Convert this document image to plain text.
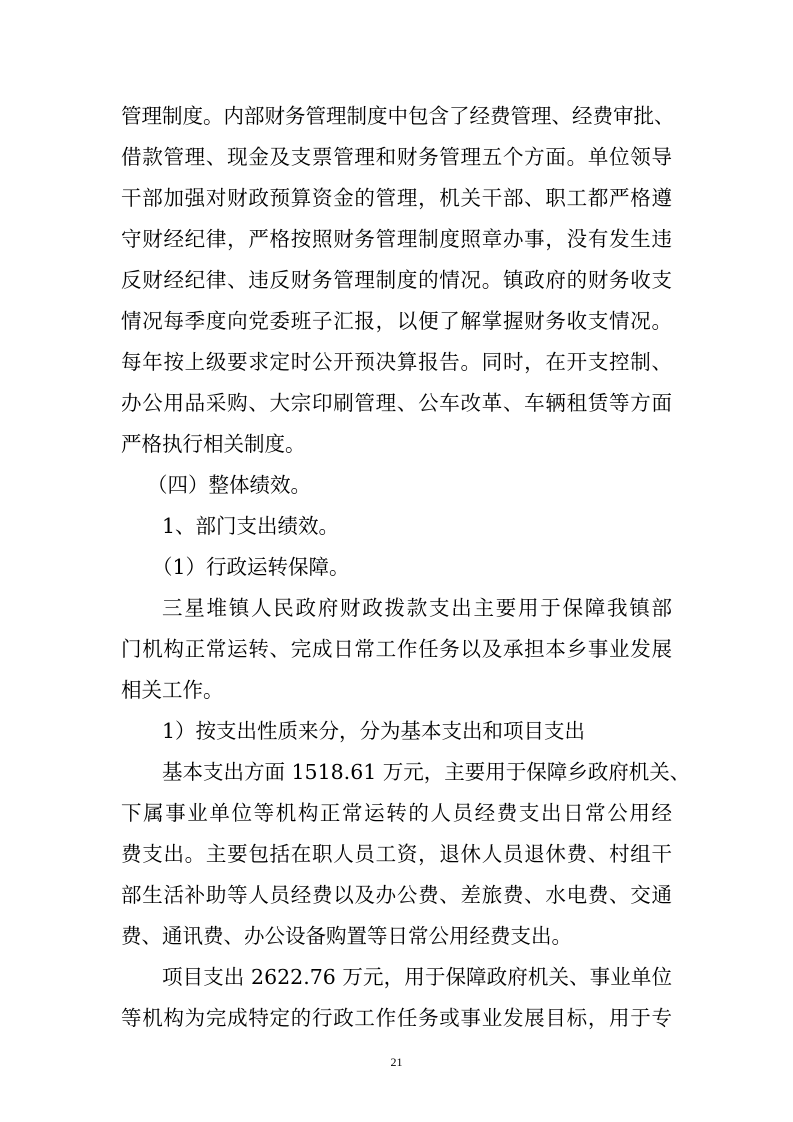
管理制度。内部财务管理制度中包含了经费管理、经费审批、
借款管理、现金及支票管理和财务管理五个方面。单位领导
干部加强对财政预算资金的管理，机关干部、职工都严格遵
守财经纪律，严格按照财务管理制度照章办事，没有发生违
反财经纪律、违反财务管理制度的情况。镇政府的财务收支
情况每季度向党委班子汇报，以便了解掌握财务收支情况。
每年按上级要求定时公开预决算报告。同时，在开支控制、
办公用品采购、大宗印刷管理、公车改革、车辆租赁等方面
严格执行相关制度。
（四）整体绩效。
1、部门支出绩效。
（1）行政运转保障。
三星堆镇人民政府财政拨款支出主要用于保障我镇部
门机构正常运转、完成日常工作任务以及承担本乡事业发展
相关工作。
1）按支出性质来分，分为基本支出和项目支出
基本支出方面 1518.61 万元，主要用于保障乡政府机关、
下属事业单位等机构正常运转的人员经费支出日常公用经
费支出。主要包括在职人员工资，退休人员退休费、村组干
部生活补助等人员经费以及办公费、差旅费、水电费、交通
费、通讯费、办公设备购置等日常公用经费支出。
项目支出 2622.76 万元，用于保障政府机关、事业单位
等机构为完成特定的行政工作任务或事业发展目标，用于专
21
